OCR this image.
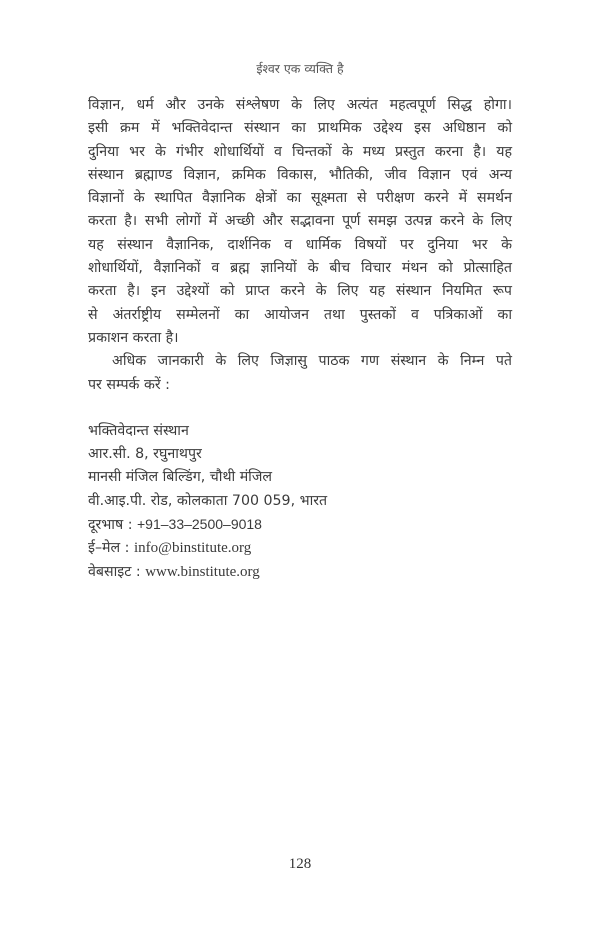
ईश्वर एक व्यक्ति है

विज्ञान, धर्म और उनके संश्लेषण के लिए अत्यंत महत्वपूर्ण सिद्ध होगा।
इसी क्रम में भक्तिवेदान्त संस्थान का प्राथमिक उद्देश्य इस अधिष्ठान को
दुनिया भर के गंभीर शोधार्थियों व चिन्तकों के मध्य प्रस्तुत करना है। यह
संस्थान ब्रह्माण्ड विज्ञान, क्रमिक विकास, भौतिकी, जीव विज्ञान एवं अन्य
विज्ञानों के स्थापित वैज्ञानिक क्षेत्रों का सूक्ष्मता से परीक्षण करने में समर्थन
करता है। सभी लोगों में अच्छी और सद्भावना पूर्ण समझ उत्पन्न करने के लिए
यह संस्थान वैज्ञानिक, दार्शनिक व धार्मिक विषयों पर दुनिया भर के
शोधार्थियों, वैज्ञानिकों व ब्रह्म ज्ञानियों के बीच विचार मंथन को प्रोत्साहित
करता है। इन उद्देश्यों को प्राप्त करने के लिए यह संस्थान नियमित रूप
से अंतर्राष्ट्रीय सम्मेलनों का आयोजन तथा पुस्तकों व पत्रिकाओं का
प्रकाशन करता है।

अधिक जानकारी के लिए जिज्ञासु पाठक गण संस्थान के निम्न पते
पर सम्पर्क करें :

भक्तिवेदान्त संस्थान
आर.सी. 8, रघुनाथपुर
मानसी मंजिल बिल्डिंग, चौथी मंजिल
वी.आइ.पी. रोड, कोलकाता 700 059, भारत
दूरभाष : +91–33–2500–9018
ई–मेल : info@binstitute.org
वेबसाइट : www.binstitute.org
128
